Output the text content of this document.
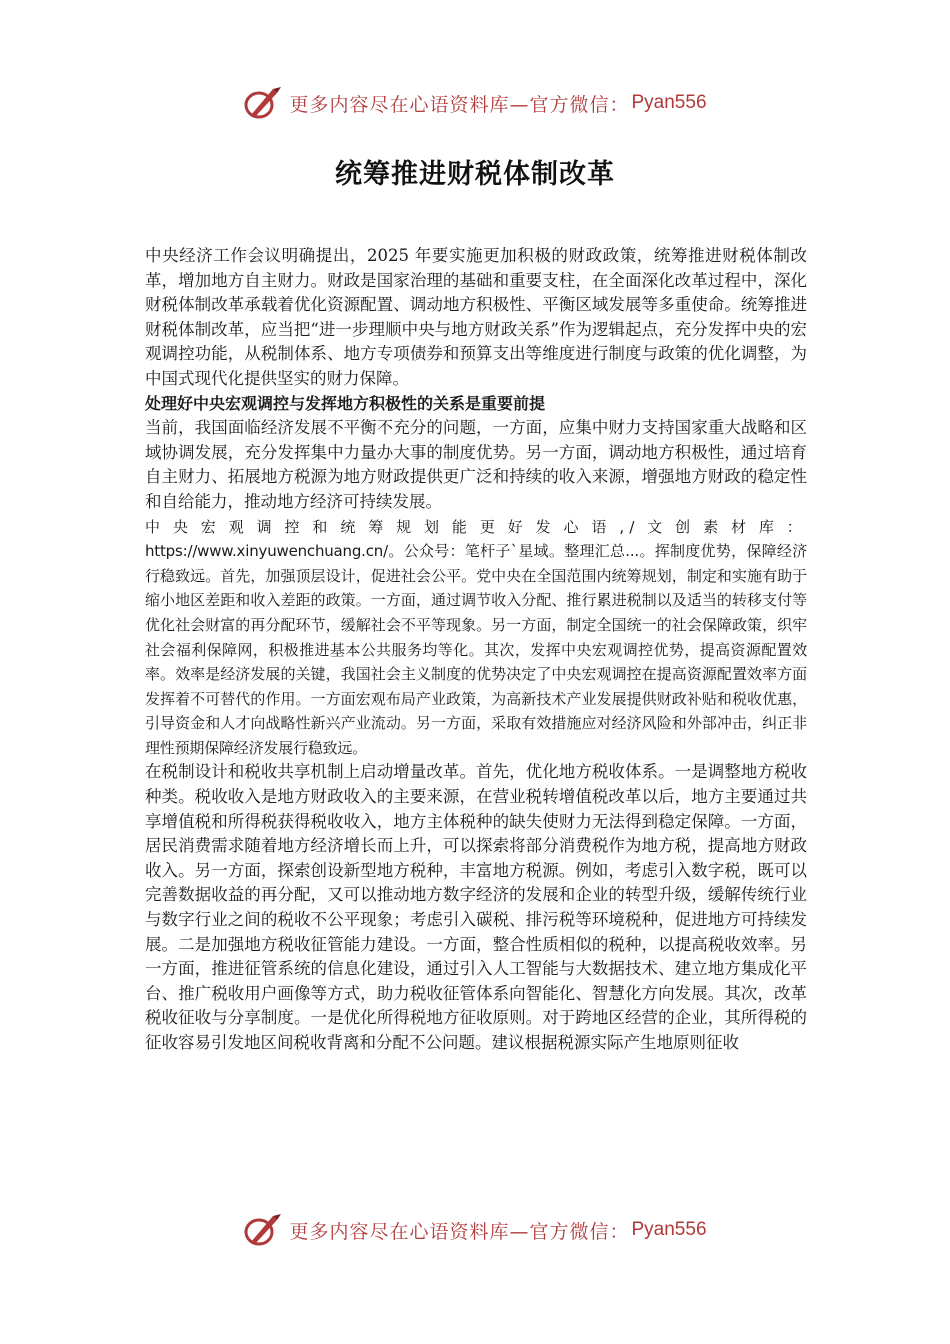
更多内容尽在心语资料库—官方微信： Pyan556
统筹推进财税体制改革

中央经济工作会议明确提出，2025 年要实施更加积极的财政政策，统筹推进财税体制改革，增加地方自主财力。财政是国家治理的基础和重要支柱，在全面深化改革过程中，深化财税体制改革承载着优化资源配置、调动地方积极性、平衡区域发展等多重使命。统筹推进财税体制改革，应当把“进一步理顺中央与地方财政关系”作为逻辑起点，充分发挥中央的宏观调控功能，从税制体系、地方专项债券和预算支出等维度进行制度与政策的优化调整，为中国式现代化提供坚实的财力保障。

处理好中央宏观调控与发挥地方积极性的关系是重要前提

当前，我国面临经济发展不平衡不充分的问题，一方面，应集中财力支持国家重大战略和区域协调发展，充分发挥集中力量办大事的制度优势。另一方面，调动地方积极性，通过培育自主财力、拓展地方税源为地方财政提供更广泛和持续的收入来源，增强地方财政的稳定性和自给能力，推动地方经济可持续发展。

中央宏观调控和统筹规划能更好发心语,/文创素材库：https://www.xinyuwenchuang.cn/。公众号：笔杆子`星域。整理汇总...。挥制度优势，保障经济行稳致远。首先，加强顶层设计，促进社会公平。党中央在全国范围内统筹规划，制定和实施有助于缩小地区差距和收入差距的政策。一方面，通过调节收入分配、推行累进税制以及适当的转移支付等优化社会财富的再分配环节，缓解社会不平等现象。另一方面，制定全国统一的社会保障政策，织牢社会福利保障网，积极推进基本公共服务均等化。其次，发挥中央宏观调控优势，提高资源配置效率。效率是经济发展的关键，我国社会主义制度的优势决定了中央宏观调控在提高资源配置效率方面发挥着不可替代的作用。一方面宏观布局产业政策，为高新技术产业发展提供财政补贴和税收优惠，引导资金和人才向战略性新兴产业流动。另一方面，采取有效措施应对经济风险和外部冲击，纠正非理性预期保障经济发展行稳致远。

在税制设计和税收共享机制上启动增量改革。首先，优化地方税收体系。一是调整地方税收种类。税收收入是地方财政收入的主要来源，在营业税转增值税改革以后，地方主要通过共享增值税和所得税获得税收收入，地方主体税种的缺失使财力无法得到稳定保障。一方面，居民消费需求随着地方经济增长而上升，可以探索将部分消费税作为地方税，提高地方财政收入。另一方面，探索创设新型地方税种，丰富地方税源。例如，考虑引入数字税，既可以完善数据收益的再分配，又可以推动地方数字经济的发展和企业的转型升级，缓解传统行业与数字行业之间的税收不公平现象；考虑引入碳税、排污税等环境税种，促进地方可持续发展。二是加强地方税收征管能力建设。一方面，整合性质相似的税种，以提高税收效率。另一方面，推进征管系统的信息化建设，通过引入人工智能与大数据技术、建立地方集成化平台、推广税收用户画像等方式，助力税收征管体系向智能化、智慧化方向发展。其次，改革税收征收与分享制度。一是优化所得税地方征收原则。对于跨地区经营的企业，其所得税的征收容易引发地区间税收背离和分配不公问题。建议根据税源实际产生地原则征收

更多内容尽在心语资料库—官方微信： Pyan556
